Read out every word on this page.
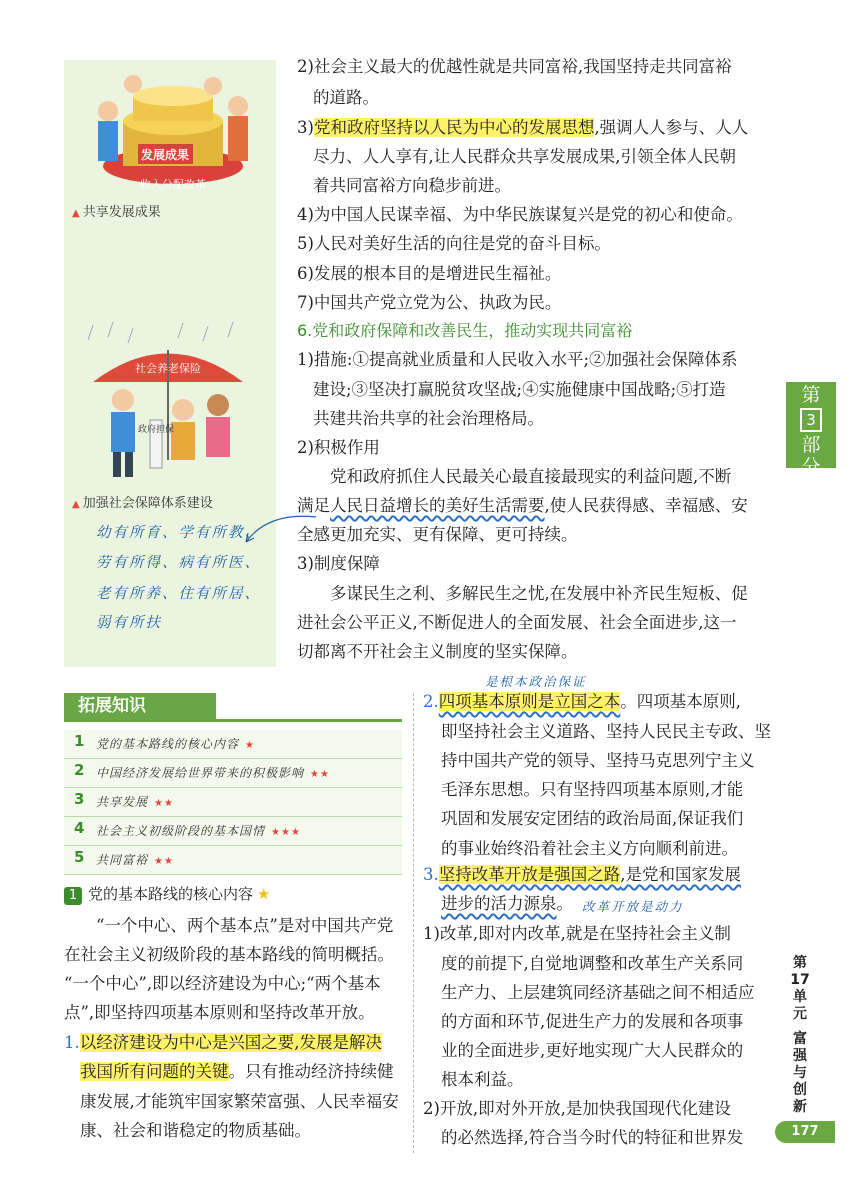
发展成果
收入分配改革
▲ 共享发展成果
社会养老保险
政府担保
▲ 加强社会保障体系建设
幼有所育、学有所教、
劳有所得、病有所医、
老有所养、住有所居、
弱有所扶
2)社会主义最大的优越性就是共同富裕,我国坚持走共同富裕
的道路。
3)党和政府坚持以人民为中心的发展思想,强调人人参与、人人
尽力、人人享有,让人民群众共享发展成果,引领全体人民朝
着共同富裕方向稳步前进。
4)为中国人民谋幸福、为中华民族谋复兴是党的初心和使命。
5)人民对美好生活的向往是党的奋斗目标。
6)发展的根本目的是增进民生福祉。
7)中国共产党立党为公、执政为民。
6.党和政府保障和改善民生，推动实现共同富裕
1)措施:①提高就业质量和人民收入水平;②加强社会保障体系
建设;③坚决打赢脱贫攻坚战;④实施健康中国战略;⑤打造
共建共治共享的社会治理格局。
2)积极作用
党和政府抓住人民最关心最直接最现实的利益问题,不断
满足人民日益增长的美好生活需要,使人民获得感、幸福感、安
全感更加充实、更有保障、更可持续。
3)制度保障
多谋民生之利、多解民生之忧,在发展中补齐民生短板、促
进社会公平正义,不断促进人的全面发展、社会全面进步,这一
切都离不开社会主义制度的坚实保障。
第
3
部
分
拓展知识
1 党的基本路线的核心内容 ★
2 中国经济发展给世界带来的积极影响 ★★
3 共享发展 ★★
4 社会主义初级阶段的基本国情 ★★★
5 共同富裕 ★★
1 党的基本路线的核心内容 ★
“一个中心、两个基本点”是对中国共产党
在社会主义初级阶段的基本路线的简明概括。
“一个中心”,即以经济建设为中心;“两个基本
点”,即坚持四项基本原则和坚持改革开放。
1.以经济建设为中心是兴国之要,发展是解决
我国所有问题的关键。只有推动经济持续健
康发展,才能筑牢国家繁荣富强、人民幸福安
康、社会和谐稳定的物质基础。
是根本政治保证
2.四项基本原则是立国之本。四项基本原则,
即坚持社会主义道路、坚持人民民主专政、坚
持中国共产党的领导、坚持马克思列宁主义
毛泽东思想。只有坚持四项基本原则,才能
巩固和发展安定团结的政治局面,保证我们
的事业始终沿着社会主义方向顺利前进。
3.坚持改革开放是强国之路,是党和国家发展
进步的活力源泉。 改革开放是动力
1)改革,即对内改革,就是在坚持社会主义制
度的前提下,自觉地调整和改革生产关系同
生产力、上层建筑同经济基础之间不相适应
的方面和环节,促进生产力的发展和各项事
业的全面进步,更好地实现广大人民群众的
根本利益。
2)开放,即对外开放,是加快我国现代化建设
的必然选择,符合当今时代的特征和世界发
第
17
单
元
富
强
与
创
新
177
